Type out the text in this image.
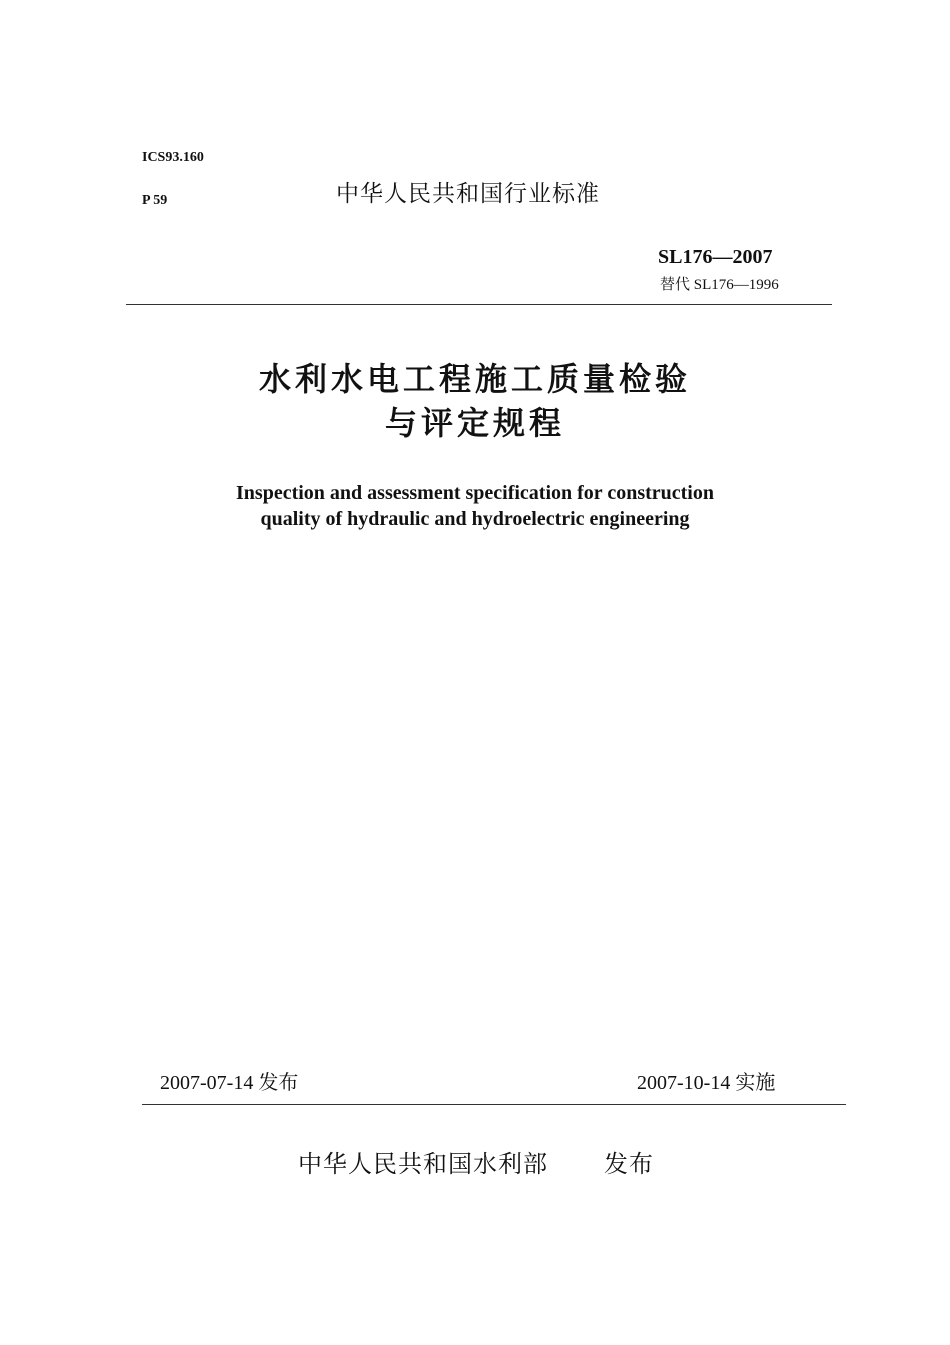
ICS93.160
P 59	中华人民共和国行业标准
SL176—2007
替代 SL176—1996
水利水电工程施工质量检验
与评定规程
Inspection and assessment specification for construction
quality of hydraulic and hydroelectric engineering
2007-07-14 发布	2007-10-14 实施
中华人民共和国水利部 发布
